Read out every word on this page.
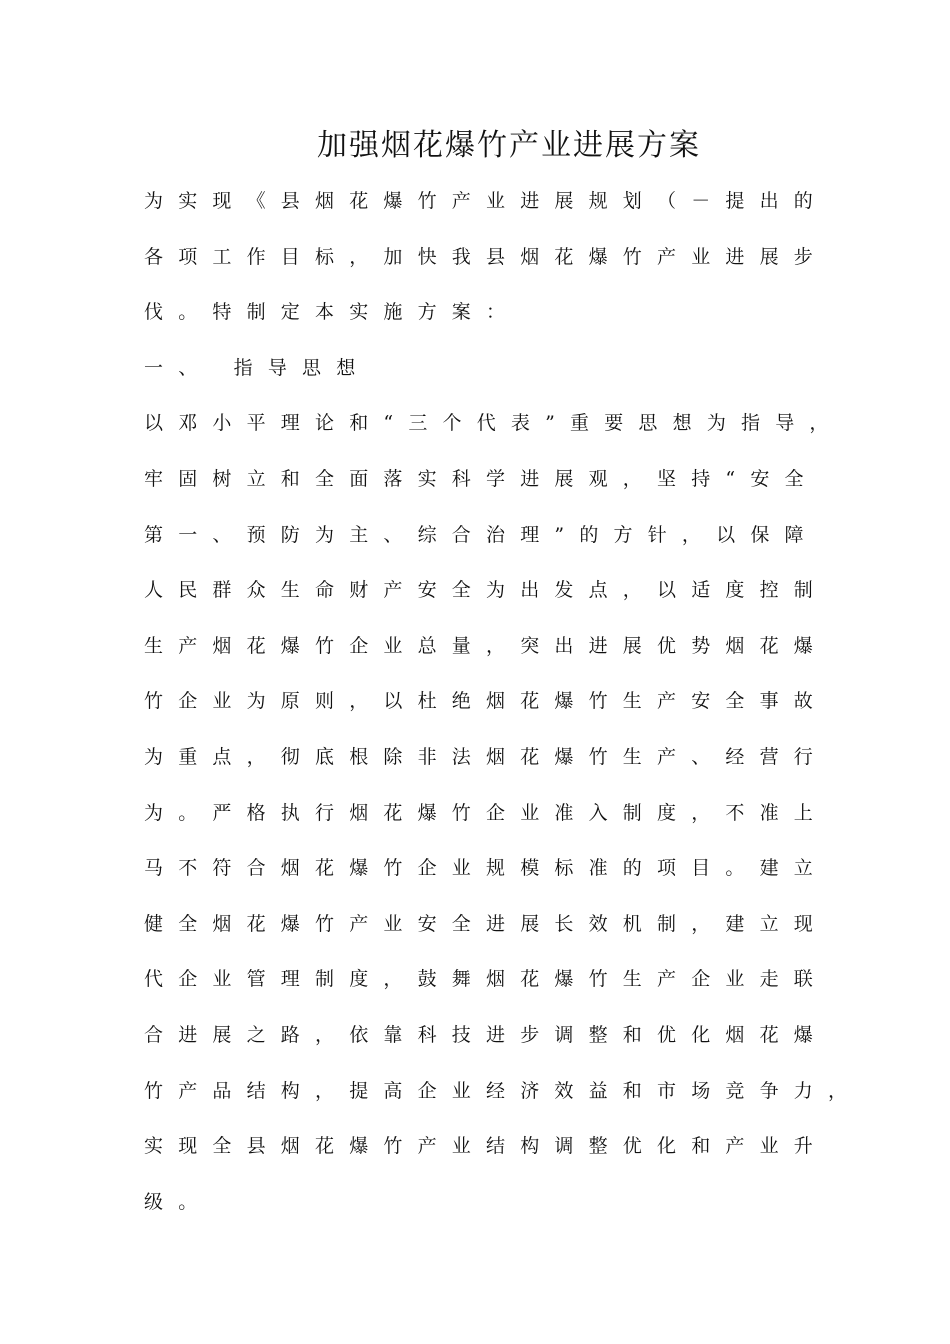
加强烟花爆竹产业进展方案
为实现《县烟花爆竹产业进展规划（－提出的
各项工作目标，加快我县烟花爆竹产业进展步
伐。特制定本实施方案：
一、 指导思想
以邓小平理论和“三个代表”重要思想为指导，
牢固树立和全面落实科学进展观，坚持“安全
第一、预防为主、综合治理”的方针，以保障
人民群众生命财产安全为出发点，以适度控制
生产烟花爆竹企业总量，突出进展优势烟花爆
竹企业为原则，以杜绝烟花爆竹生产安全事故
为重点，彻底根除非法烟花爆竹生产、经营行
为。严格执行烟花爆竹企业准入制度，不准上
马不符合烟花爆竹企业规模标准的项目。建立
健全烟花爆竹产业安全进展长效机制，建立现
代企业管理制度，鼓舞烟花爆竹生产企业走联
合进展之路，依靠科技进步调整和优化烟花爆
竹产品结构，提高企业经济效益和市场竞争力，
实现全县烟花爆竹产业结构调整优化和产业升
级。
